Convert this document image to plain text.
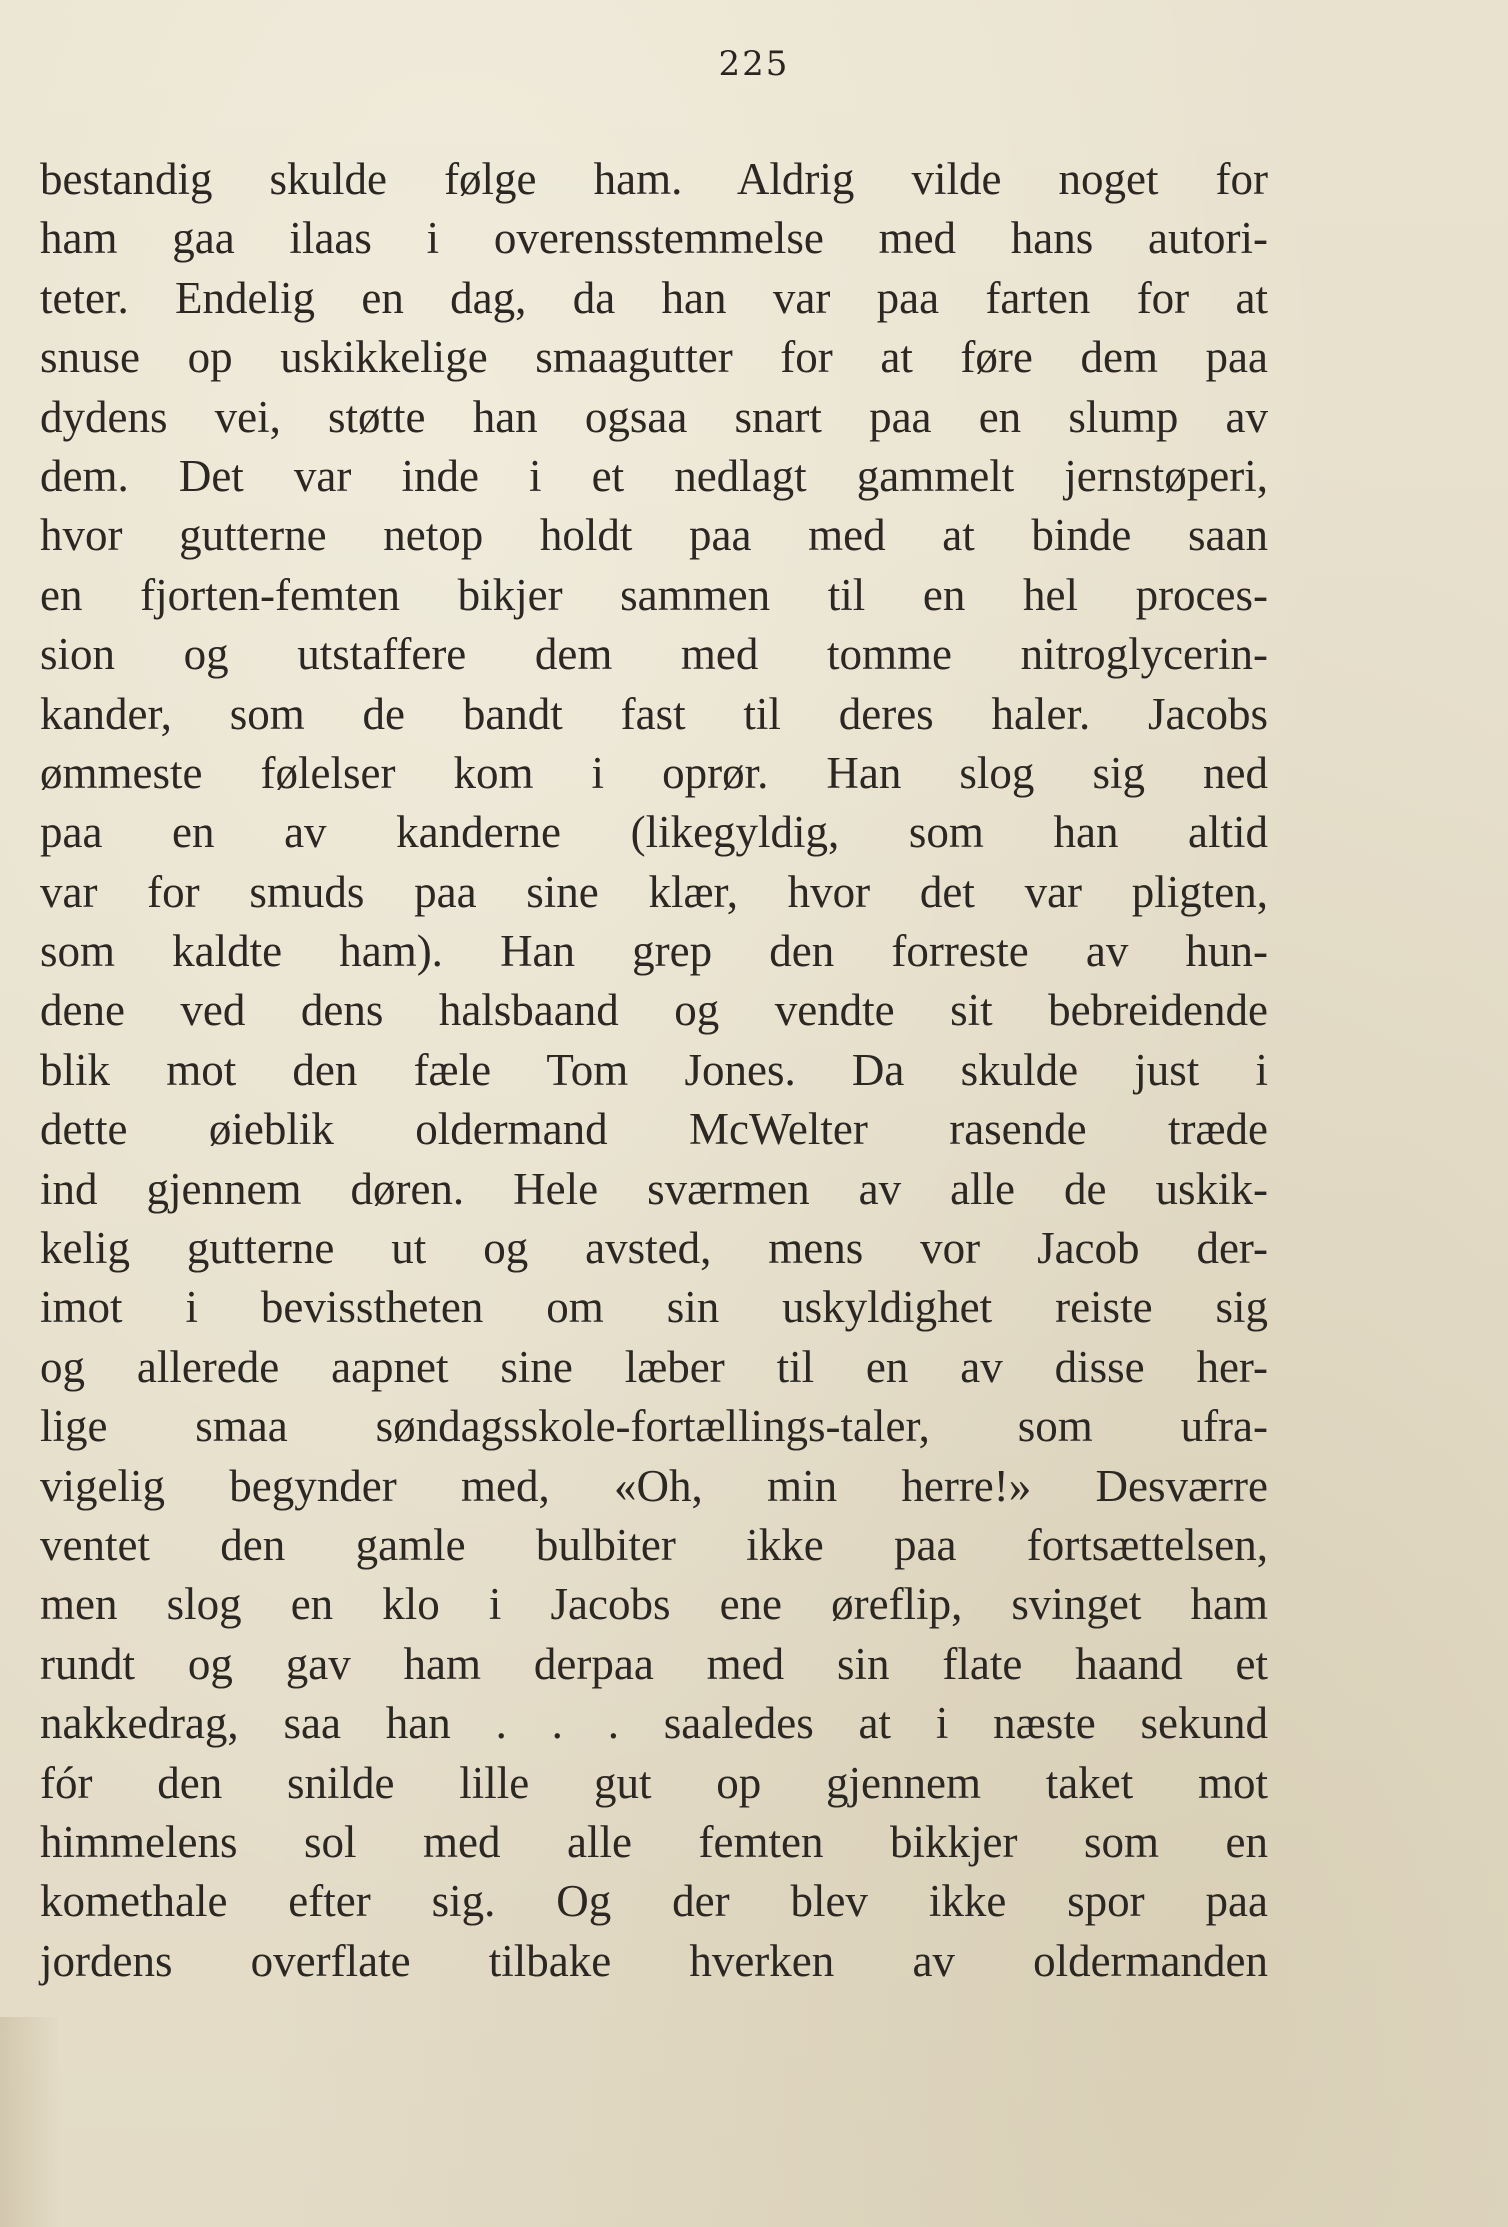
225
bestandig skulde følge ham. Aldrig vilde noget for
ham gaa ilaas i overensstemmelse med hans autori-
teter. Endelig en dag, da han var paa farten for at
snuse op uskikkelige smaagutter for at føre dem paa
dydens vei, støtte han ogsaa snart paa en slump av
dem. Det var inde i et nedlagt gammelt jernstøperi,
hvor gutterne netop holdt paa med at binde saan
en fjorten-femten bikjer sammen til en hel proces-
sion og utstaffere dem med tomme nitroglycerin-
kander, som de bandt fast til deres haler. Jacobs
ømmeste følelser kom i oprør. Han slog sig ned
paa en av kanderne (likegyldig, som han altid
var for smuds paa sine klær, hvor det var pligten,
som kaldte ham). Han grep den forreste av hun-
dene ved dens halsbaand og vendte sit bebreidende
blik mot den fæle Tom Jones. Da skulde just i
dette øieblik oldermand McWelter rasende træde
ind gjennem døren. Hele sværmen av alle de uskik-
kelig gutterne ut og avsted, mens vor Jacob der-
imot i bevisstheten om sin uskyldighet reiste sig
og allerede aapnet sine læber til en av disse her-
lige smaa søndagsskole-fortællings-taler, som ufra-
vigelig begynder med, «Oh, min herre!» Desværre
ventet den gamle bulbiter ikke paa fortsættelsen,
men slog en klo i Jacobs ene øreflip, svinget ham
rundt og gav ham derpaa med sin flate haand et
nakkedrag, saa han . . . saaledes at i næste sekund
fór den snilde lille gut op gjennem taket mot
himmelens sol med alle femten bikkjer som en
komethale efter sig. Og der blev ikke spor paa
jordens overflate tilbake hverken av oldermanden
